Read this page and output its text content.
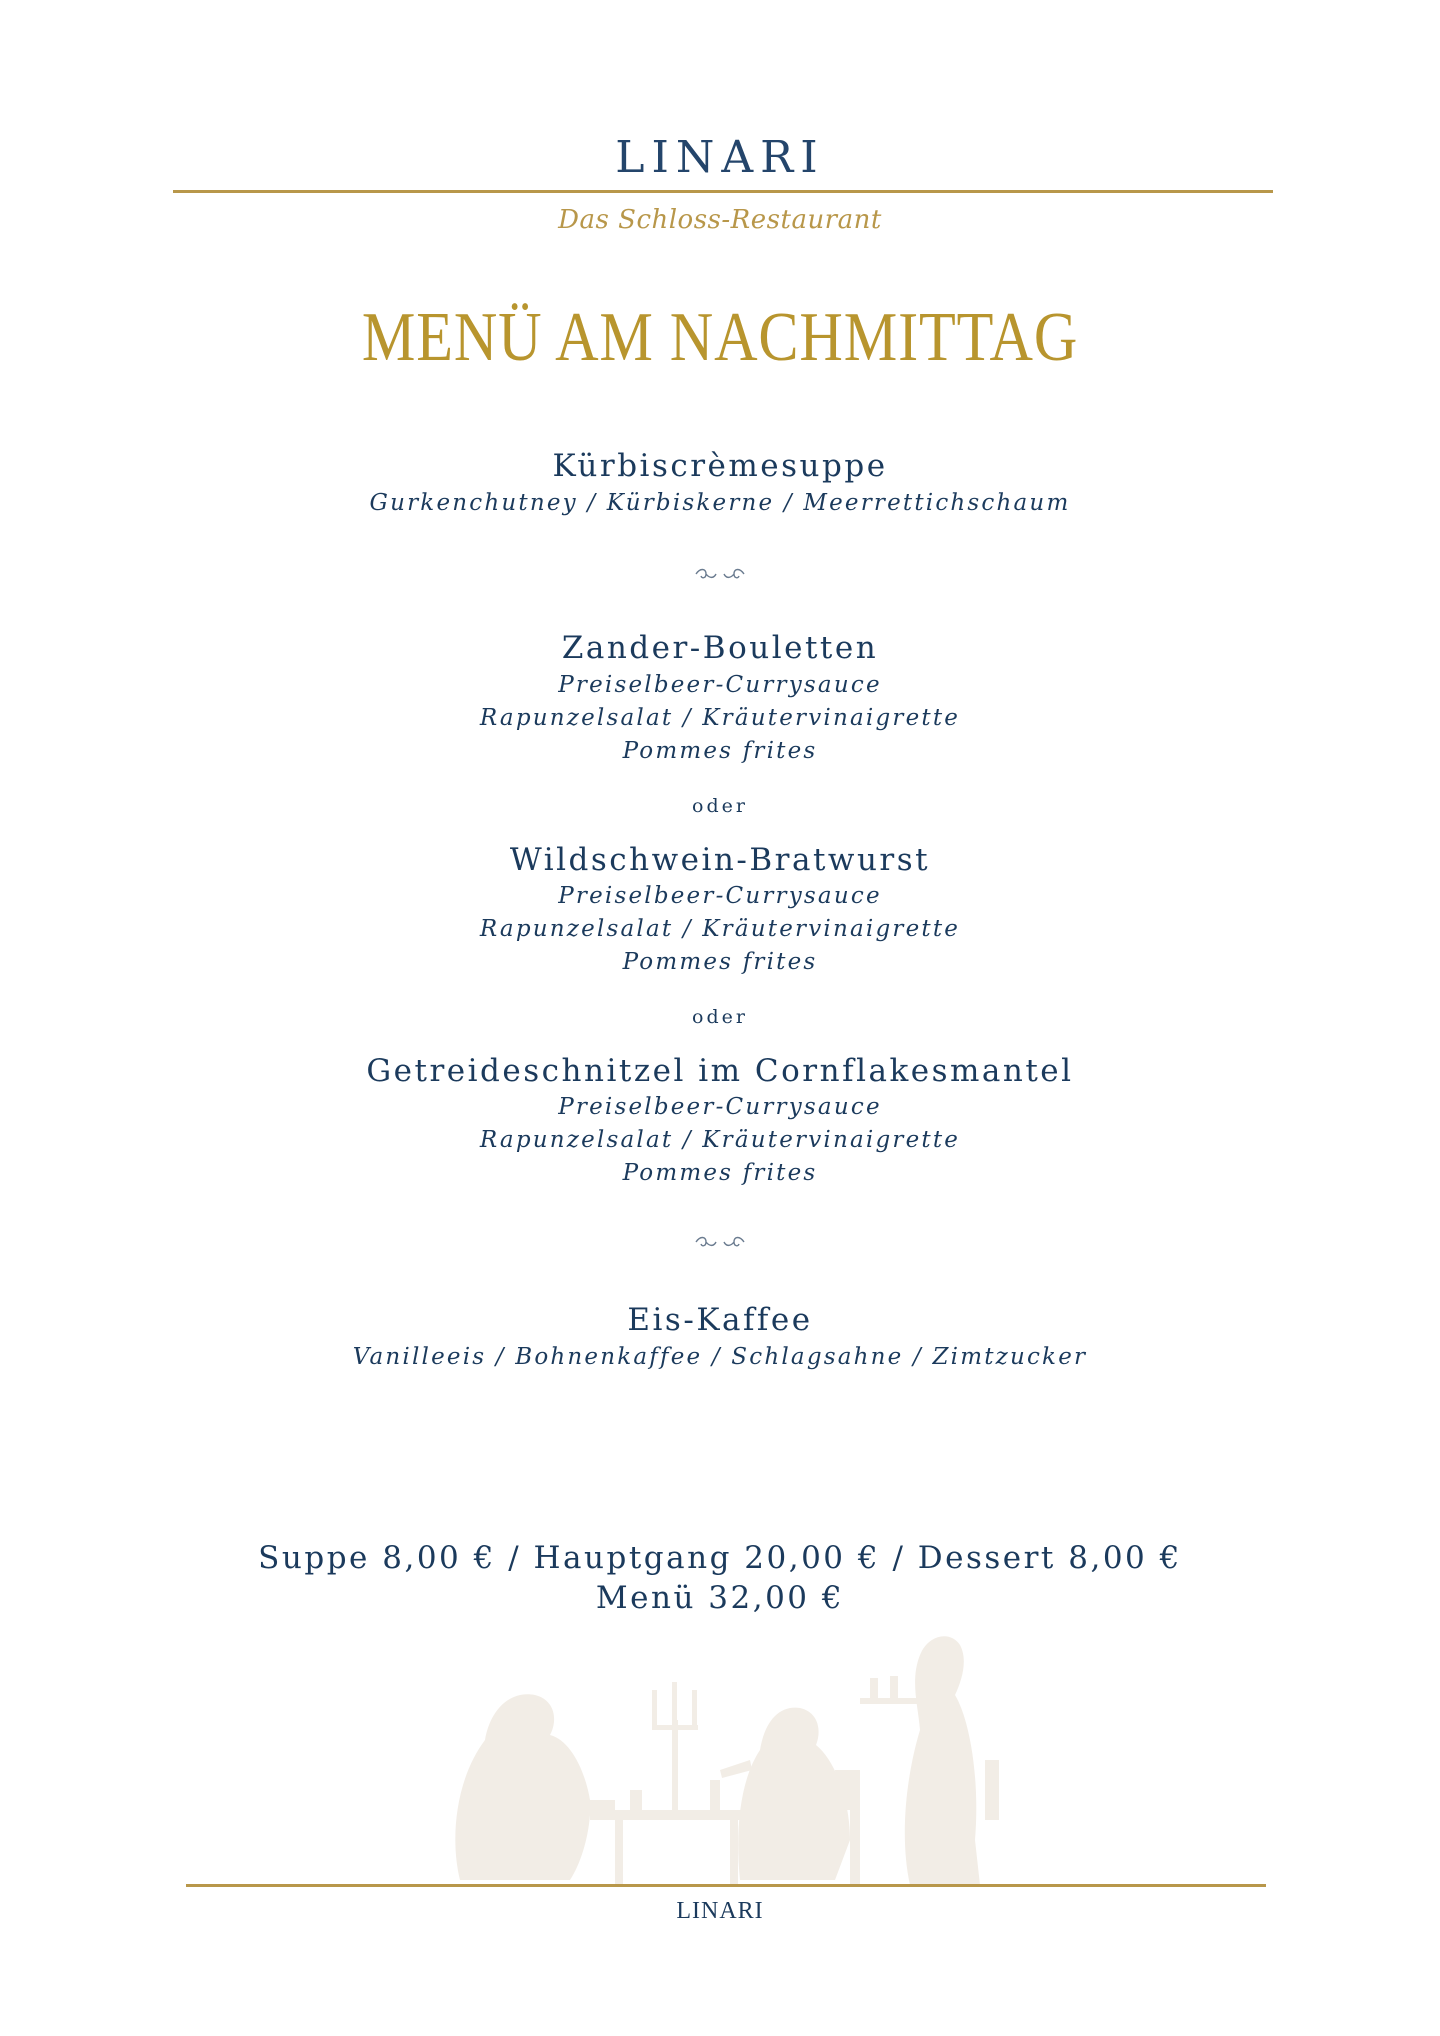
LINARI
Das Schloss-Restaurant
MENÜ AM NACHMITTAG
Kürbiscrèmesuppe
Gurkenchutney / Kürbiskerne / Meerrettichschaum
Zander-Bouletten
Preiselbeer-Currysauce
Rapunzelsalat / Kräutervinaigrette
Pommes frites
oder
Wildschwein-Bratwurst
Preiselbeer-Currysauce
Rapunzelsalat / Kräutervinaigrette
Pommes frites
oder
Getreideschnitzel im Cornflakesmantel
Preiselbeer-Currysauce
Rapunzelsalat / Kräutervinaigrette
Pommes frites
Eis-Kaffee
Vanilleeis / Bohnenkaffee / Schlagsahne / Zimtzucker
Suppe 8,00 € / Hauptgang 20,00 € / Dessert 8,00 €
Menü 32,00 €
LINARI
